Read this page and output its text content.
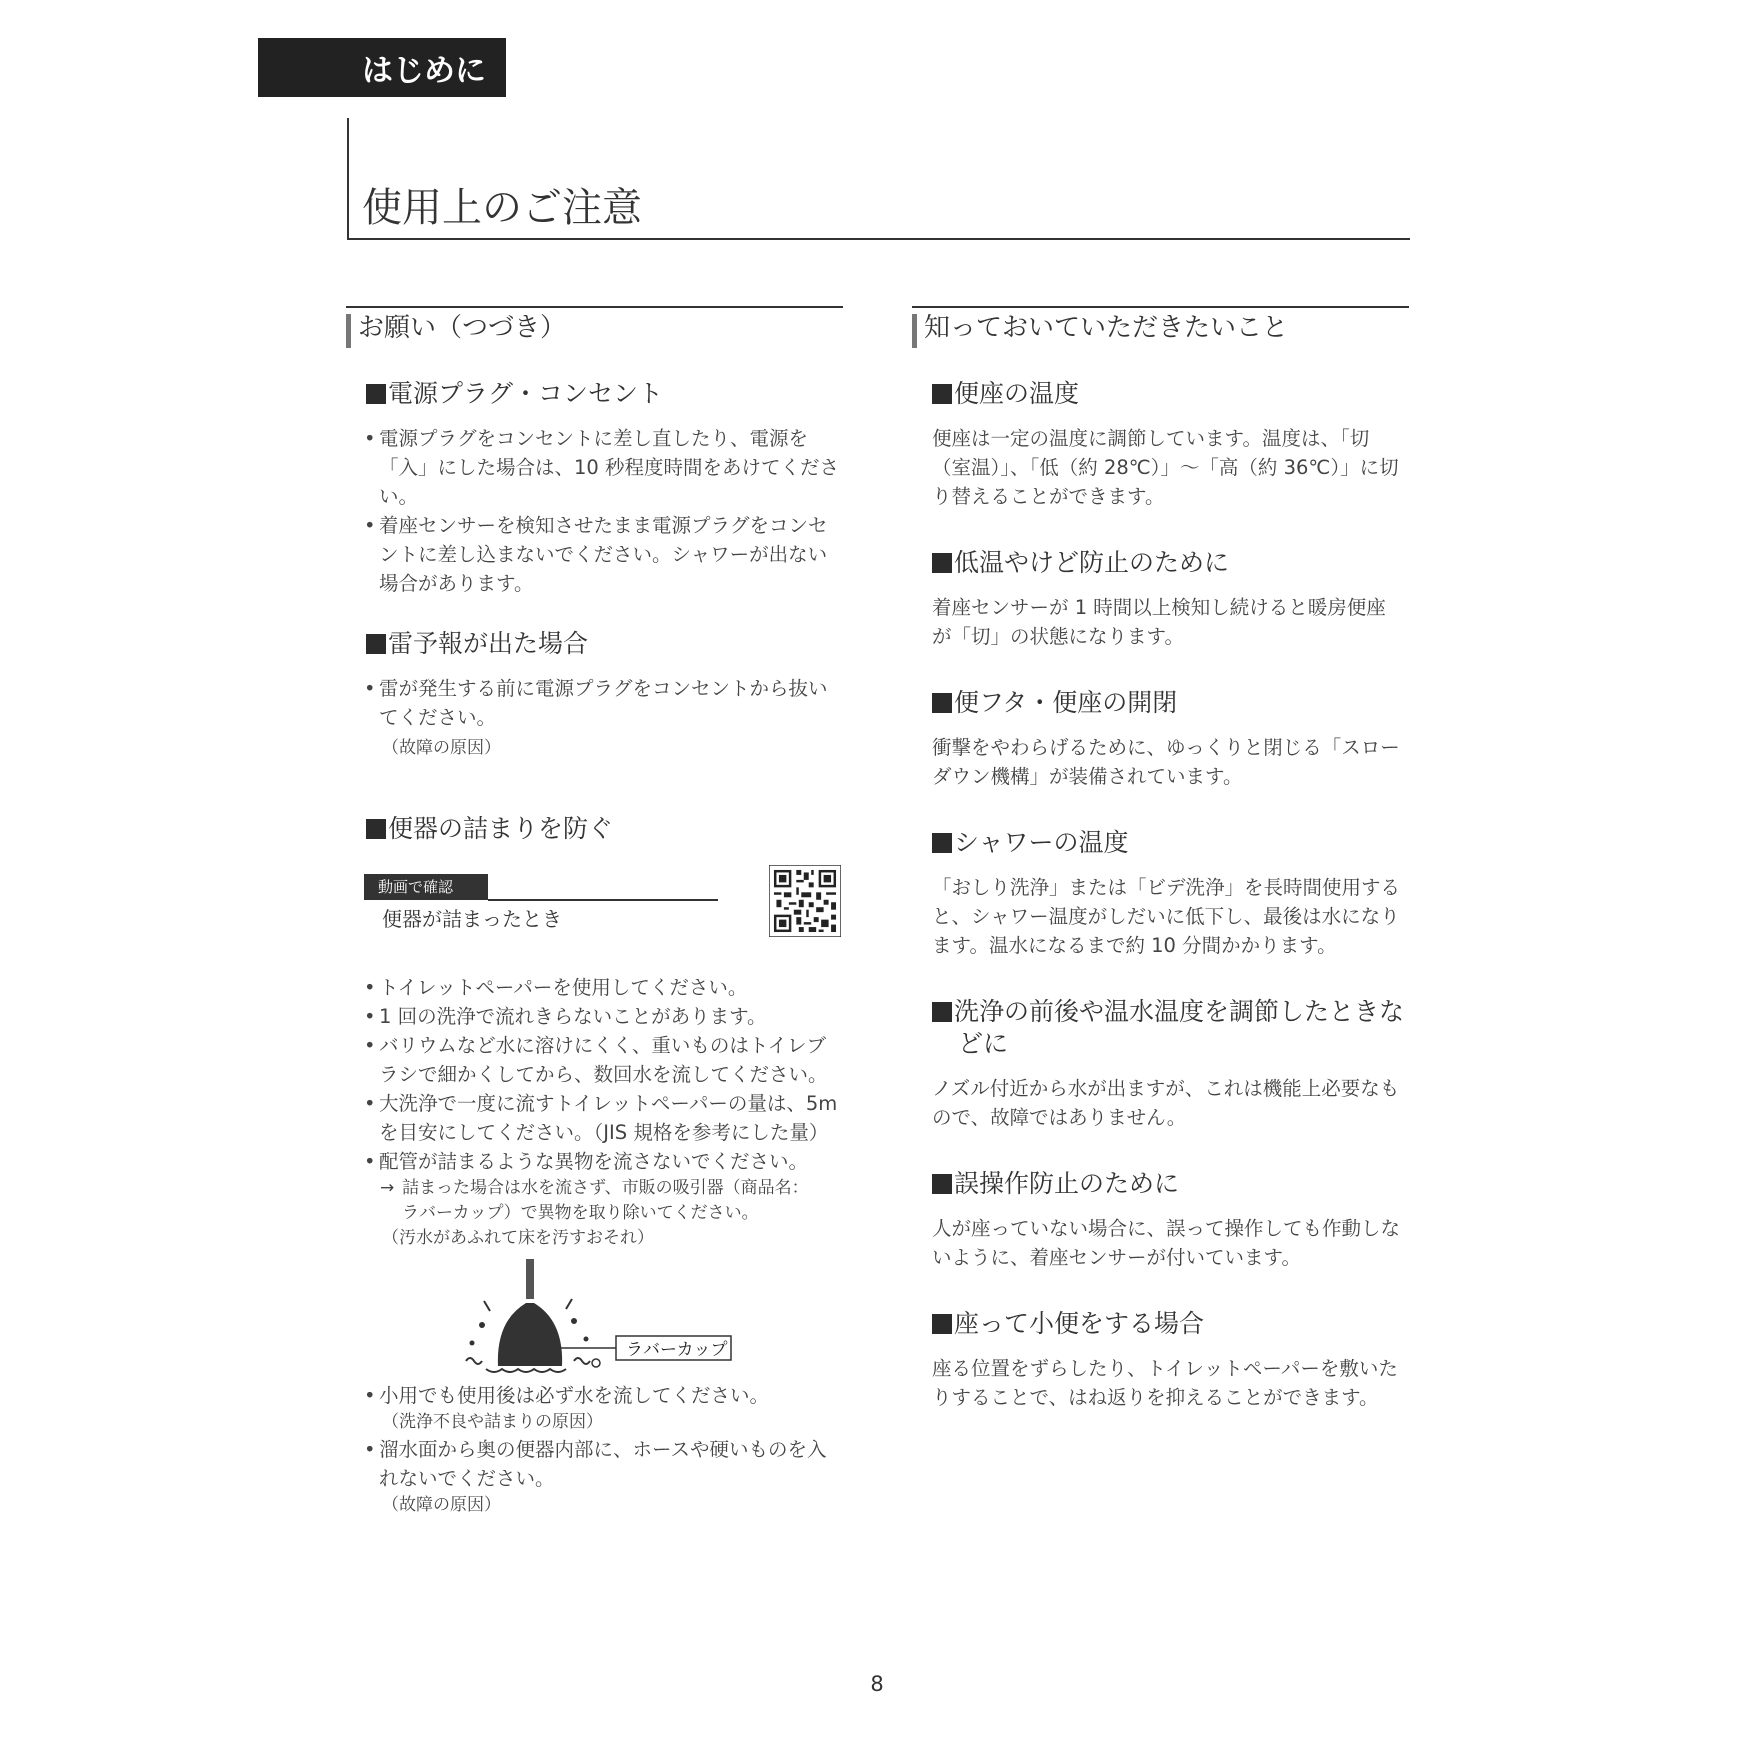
はじめに
使用上のご注意
お願い（つづき）
電源プラグ・コンセント
• 電源プラグをコンセントに差し直したり、電源を「入」にした場合は、10 秒程度時間をあけてください。
• 着座センサーを検知させたまま電源プラグをコンセントに差し込まないでください。シャワーが出ない場合があります。
雷予報が出た場合
• 雷が発生する前に電源プラグをコンセントから抜いてください。
（故障の原因）
便器の詰まりを防ぐ
動画で確認
便器が詰まったとき
• トイレットペーパーを使用してください。
• 1 回の洗浄で流れきらないことがあります。
• バリウムなど水に溶けにくく、重いものはトイレブラシで細かくしてから、数回水を流してください。
• 大洗浄で一度に流すトイレットペーパーの量は、5m を目安にしてください。（JIS 規格を参考にした量）
• 配管が詰まるような異物を流さないでください。
→ 詰まった場合は水を流さず、市販の吸引器（商品名：
ラバーカップ）で異物を取り除いてください。
（汚水があふれて床を汚すおそれ）
ラバーカップ
• 小用でも使用後は必ず水を流してください。
（洗浄不良や詰まりの原因）
• 溜水面から奥の便器内部に、ホースや硬いものを入れないでください。
（故障の原因）
知っておいていただきたいこと
便座の温度
便座は一定の温度に調節しています。温度は、「切（室温）」、「低（約 28℃）」～「高（約 36℃）」に切り替えることができます。
低温やけど防止のために
着座センサーが 1 時間以上検知し続けると暖房便座が「切」の状態になります。
便フタ・便座の開閉
衝撃をやわらげるために、ゆっくりと閉じる「スローダウン機構」が装備されています。
シャワーの温度
「おしり洗浄」または「ビデ洗浄」を長時間使用すると、シャワー温度がしだいに低下し、最後は水になります。温水になるまで約 10 分間かかります。
洗浄の前後や温水温度を調節したときな
どに
ノズル付近から水が出ますが、これは機能上必要なもので、故障ではありません。
誤操作防止のために
人が座っていない場合に、誤って操作しても作動しないように、着座センサーが付いています。
座って小便をする場合
座る位置をずらしたり、トイレットペーパーを敷いたりすることで、はね返りを抑えることができます。
8
